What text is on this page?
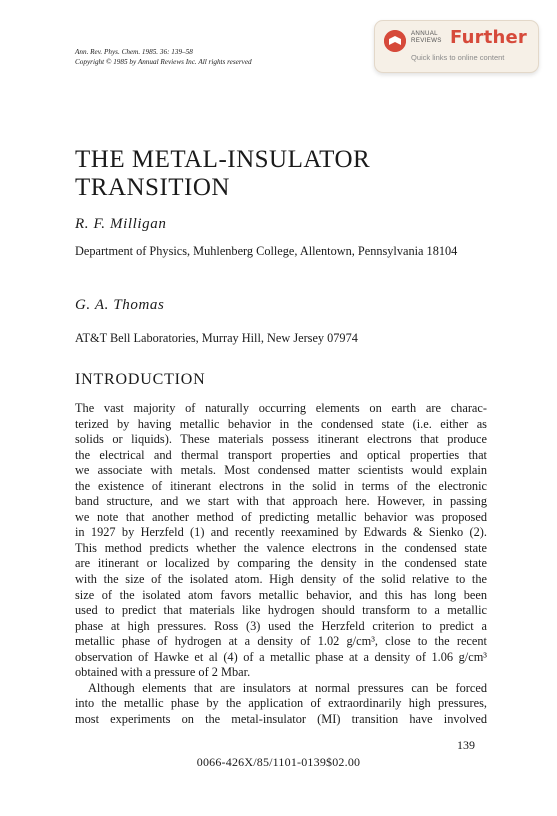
Ann. Rev. Phys. Chem. 1985. 36: 139–58
Copyright © 1985 by Annual Reviews Inc. All rights reserved
ANNUAL
REVIEWS Further
Quick links to online content
THE METAL-INSULATOR
TRANSITION
R. F. Milligan
Department of Physics, Muhlenberg College, Allentown, Pennsylvania 18104
G. A. Thomas
AT&T Bell Laboratories, Murray Hill, New Jersey 07974
INTRODUCTION
The vast majority of naturally occurring elements on earth are charac-
terized by having metallic behavior in the condensed state (i.e. either as
solids or liquids). These materials possess itinerant electrons that produce
the electrical and thermal transport properties and optical properties that
we associate with metals. Most condensed matter scientists would explain
the existence of itinerant electrons in the solid in terms of the electronic
band structure, and we start with that approach here. However, in passing
we note that another method of predicting metallic behavior was proposed
in 1927 by Herzfeld (1) and recently reexamined by Edwards & Sienko (2).
This method predicts whether the valence electrons in the condensed state
are itinerant or localized by comparing the density in the condensed state
with the size of the isolated atom. High density of the solid relative to the
size of the isolated atom favors metallic behavior, and this has long been
used to predict that materials like hydrogen should transform to a metallic
phase at high pressures. Ross (3) used the Herzfeld criterion to predict a
metallic phase of hydrogen at a density of 1.02 g/cm³, close to the recent
observation of Hawke et al (4) of a metallic phase at a density of 1.06 g/cm³
obtained with a pressure of 2 Mbar.
Although elements that are insulators at normal pressures can be forced
into the metallic phase by the application of extraordinarily high pressures,
most experiments on the metal-insulator (MI) transition have involved
139
0066-426X/85/1101-0139$02.00
